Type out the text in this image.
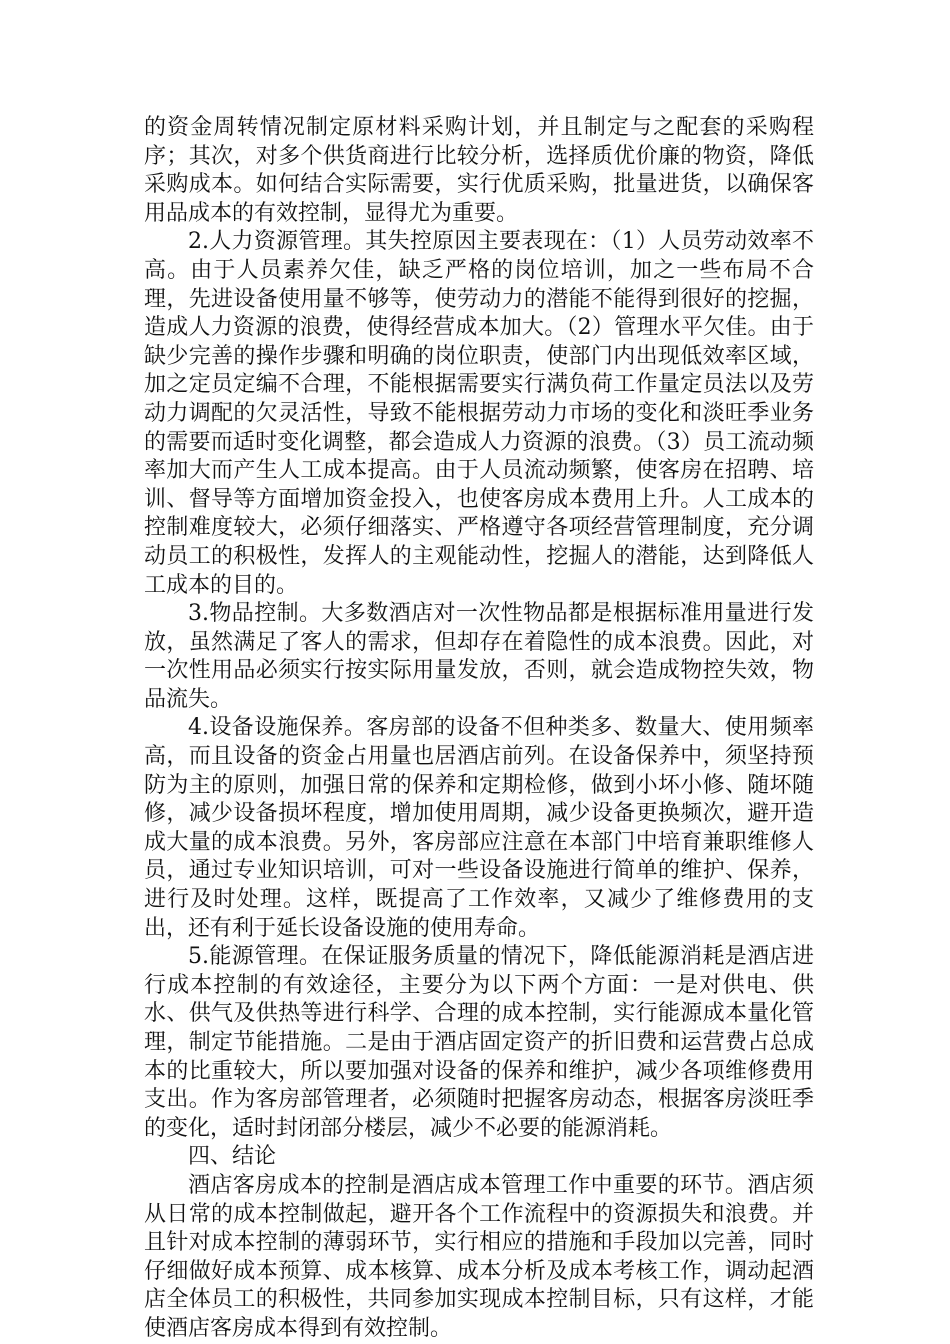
的资金周转情况制定原材料采购计划，并且制定与之配套的采购程序；其次，对多个供货商进行比较分析，选择质优价廉的物资，降低采购成本。如何结合实际需要，实行优质采购，批量进货，以确保客用品成本的有效控制，显得尤为重要。

2.人力资源管理。其失控原因主要表现在：（1）人员劳动效率不高。由于人员素养欠佳，缺乏严格的岗位培训，加之一些布局不合理，先进设备使用量不够等，使劳动力的潜能不能得到很好的挖掘，造成人力资源的浪费，使得经营成本加大。（2）管理水平欠佳。由于缺少完善的操作步骤和明确的岗位职责，使部门内出现低效率区域，加之定员定编不合理，不能根据需要实行满负荷工作量定员法以及劳动力调配的欠灵活性，导致不能根据劳动力市场的变化和淡旺季业务的需要而适时变化调整，都会造成人力资源的浪费。（3）员工流动频率加大而产生人工成本提高。由于人员流动频繁，使客房在招聘、培训、督导等方面增加资金投入，也使客房成本费用上升。人工成本的控制难度较大，必须仔细落实、严格遵守各项经营管理制度，充分调动员工的积极性，发挥人的主观能动性，挖掘人的潜能，达到降低人工成本的目的。

3.物品控制。大多数酒店对一次性物品都是根据标准用量进行发放，虽然满足了客人的需求，但却存在着隐性的成本浪费。因此，对一次性用品必须实行按实际用量发放，否则，就会造成物控失效，物品流失。

4.设备设施保养。客房部的设备不但种类多、数量大、使用频率高，而且设备的资金占用量也居酒店前列。在设备保养中，须坚持预防为主的原则，加强日常的保养和定期检修，做到小坏小修、随坏随修，减少设备损坏程度，增加使用周期，减少设备更换频次，避开造成大量的成本浪费。另外，客房部应注意在本部门中培育兼职维修人员，通过专业知识培训，可对一些设备设施进行简单的维护、保养，进行及时处理。这样，既提高了工作效率，又减少了维修费用的支出，还有利于延长设备设施的使用寿命。

5.能源管理。在保证服务质量的情况下，降低能源消耗是酒店进行成本控制的有效途径，主要分为以下两个方面：一是对供电、供水、供气及供热等进行科学、合理的成本控制，实行能源成本量化管理，制定节能措施。二是由于酒店固定资产的折旧费和运营费占总成本的比重较大，所以要加强对设备的保养和维护，减少各项维修费用支出。作为客房部管理者，必须随时把握客房动态，根据客房淡旺季的变化，适时封闭部分楼层，减少不必要的能源消耗。

四、结论

酒店客房成本的控制是酒店成本管理工作中重要的环节。酒店须从日常的成本控制做起，避开各个工作流程中的资源损失和浪费。并且针对成本控制的薄弱环节，实行相应的措施和手段加以完善，同时仔细做好成本预算、成本核算、成本分析及成本考核工作，调动起酒店全体员工的积极性，共同参加实现成本控制目标，只有这样，才能使酒店客房成本得到有效控制。
